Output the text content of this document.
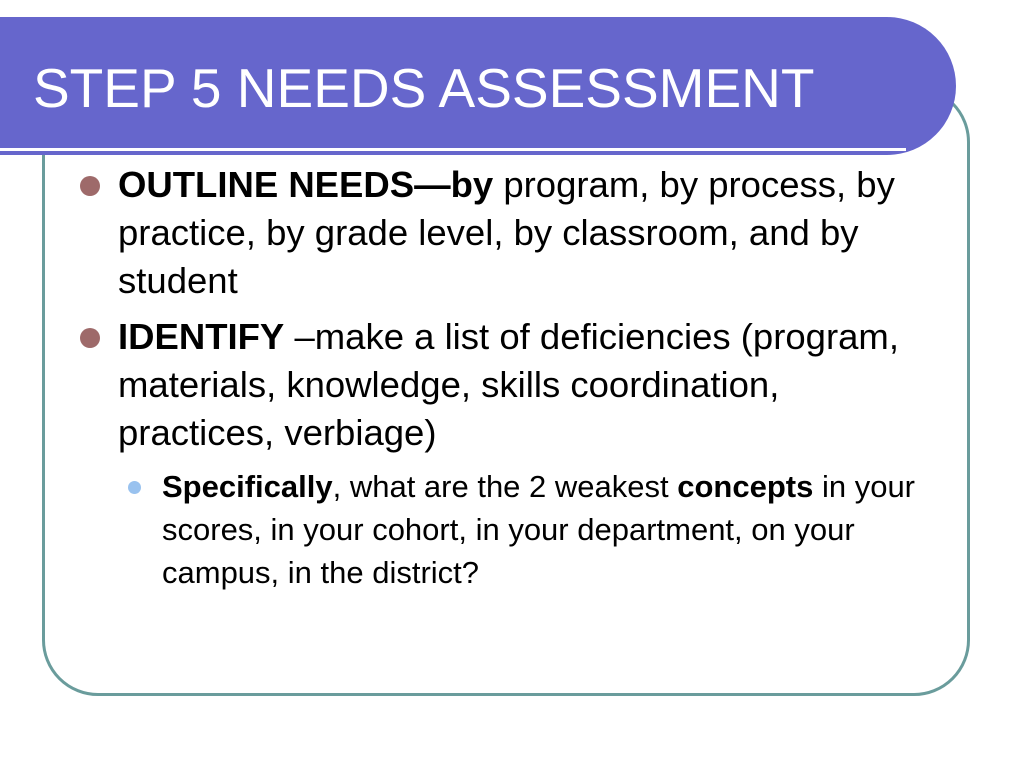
STEP 5 NEEDS ASSESSMENT
OUTLINE NEEDS—by program, by process, by practice, by grade level, by classroom, and by student
IDENTIFY –make a list of deficiencies (program, materials, knowledge, skills coordination, practices, verbiage)
Specifically, what are the 2 weakest concepts in your scores, in your cohort, in your department, on your campus, in the district?
